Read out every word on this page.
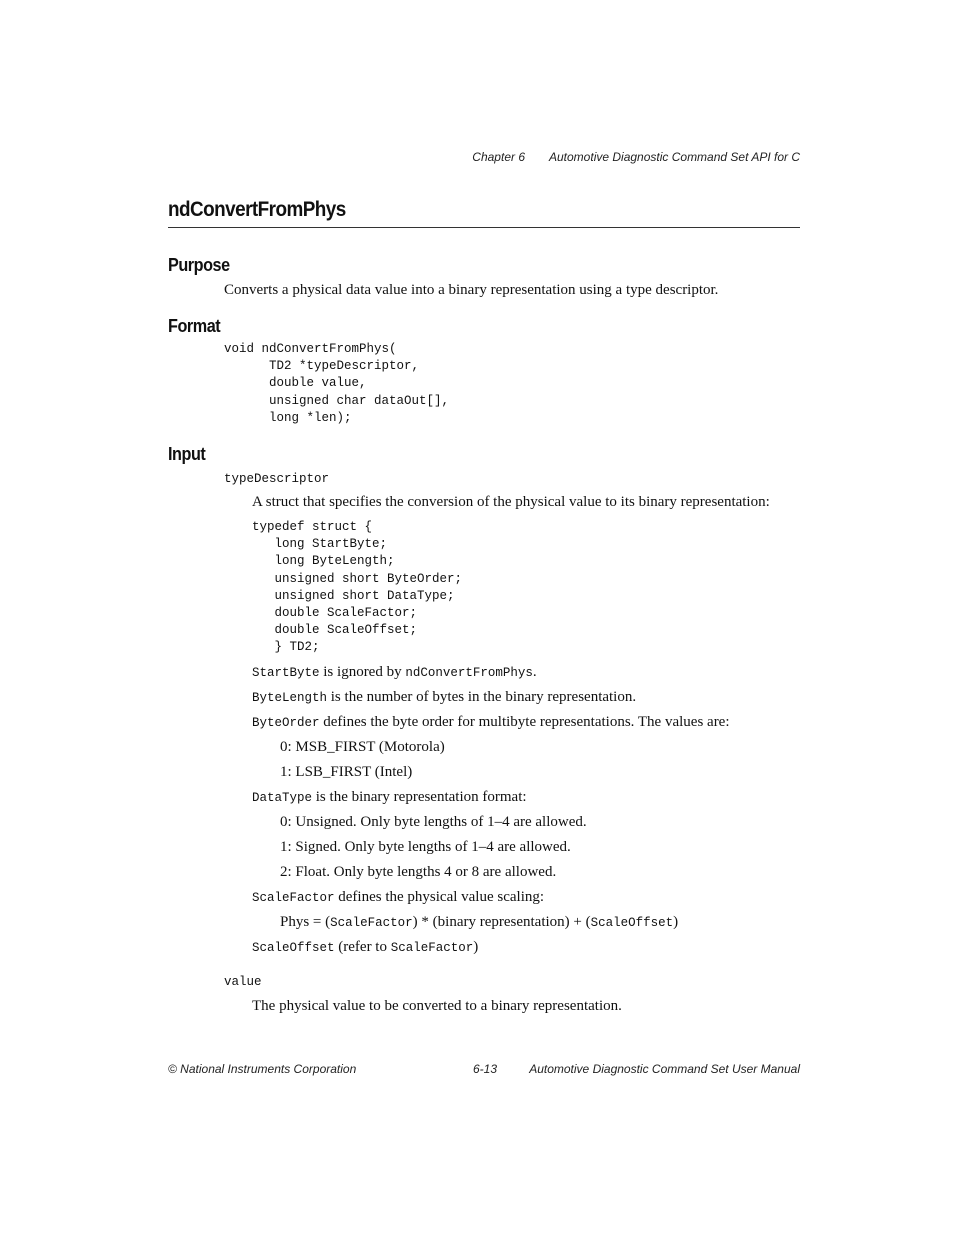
Chapter 6 Automotive Diagnostic Command Set API for C
ndConvertFromPhys
Purpose
Converts a physical data value into a binary representation using a type descriptor.
Format
void ndConvertFromPhys(
TD2 *typeDescriptor,
double value,
unsigned char dataOut[],
long *len);
Input
typeDescriptor
A struct that specifies the conversion of the physical value to its binary representation:
typedef struct {
long StartByte;
long ByteLength;
unsigned short ByteOrder;
unsigned short DataType;
double ScaleFactor;
double ScaleOffset;
} TD2;
StartByte is ignored by ndConvertFromPhys.
ByteLength is the number of bytes in the binary representation.
ByteOrder defines the byte order for multibyte representations. The values are:
0: MSB_FIRST (Motorola)
1: LSB_FIRST (Intel)
DataType is the binary representation format:
0: Unsigned. Only byte lengths of 1–4 are allowed.
1: Signed. Only byte lengths of 1–4 are allowed.
2: Float. Only byte lengths 4 or 8 are allowed.
ScaleFactor defines the physical value scaling:
Phys = (ScaleFactor) * (binary representation) + (ScaleOffset)
ScaleOffset (refer to ScaleFactor)
value
The physical value to be converted to a binary representation.
© National Instruments Corporation	6-13	Automotive Diagnostic Command Set User Manual
